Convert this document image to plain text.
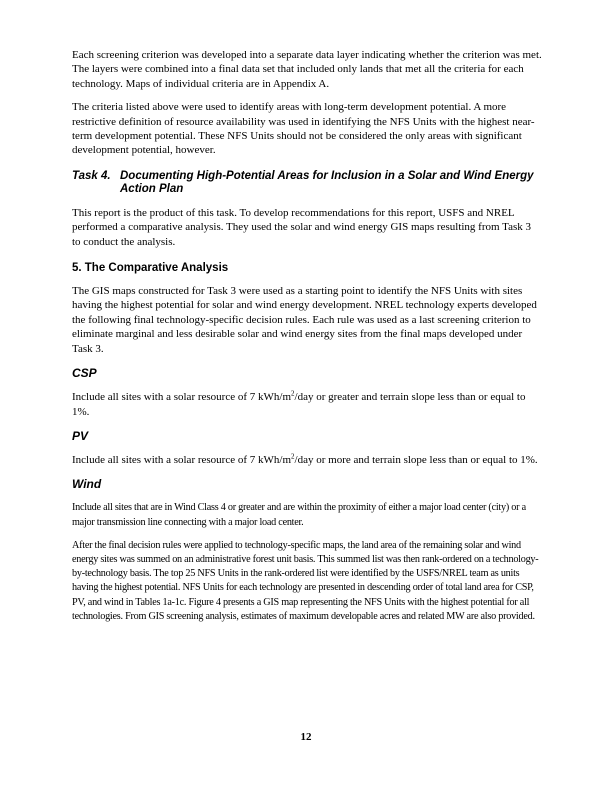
Each screening criterion was developed into a separate data layer indicating whether the criterion was met. The layers were combined into a final data set that included only lands that met all the criteria for each technology. Maps of individual criteria are in Appendix A.

The criteria listed above were used to identify areas with long-term development potential. A more restrictive definition of resource availability was used in identifying the NFS Units with the highest near-term development potential. These NFS Units should not be considered the only areas with significant development potential, however.

Task 4. Documenting High-Potential Areas for Inclusion in a Solar and Wind Energy Action Plan

This report is the product of this task. To develop recommendations for this report, USFS and NREL performed a comparative analysis. They used the solar and wind energy GIS maps resulting from Task 3 to conduct the analysis.

5. The Comparative Analysis

The GIS maps constructed for Task 3 were used as a starting point to identify the NFS Units with sites having the highest potential for solar and wind energy development. NREL technology experts developed the following final technology-specific decision rules. Each rule was used as a last screening criterion to eliminate marginal and less desirable solar and wind energy sites from the final maps developed under Task 3.

CSP

Include all sites with a solar resource of 7 kWh/$m^2$/day or greater and terrain slope less than or equal to 1%.

PV

Include all sites with a solar resource of 7 kWh/$m^2$/day or more and terrain slope less than or equal to 1%.

Wind

Include all sites that are in Wind Class 4 or greater and are within the proximity of either a major load center (city) or a major transmission line connecting with a major load center.

After the final decision rules were applied to technology-specific maps, the land area of the remaining solar and wind energy sites was summed on an administrative forest unit basis. This summed list was then rank-ordered on a technology-by-technology basis. The top 25 NFS Units in the rank-ordered list were identified by the USFS/NREL team as units having the highest potential. NFS Units for each technology are presented in descending order of total land area for CSP, PV, and wind in Tables 1a-1c. Figure 4 presents a GIS map representing the NFS Units with the highest potential for all technologies. From GIS screening analysis, estimates of maximum developable acres and related MW are also provided.

12
